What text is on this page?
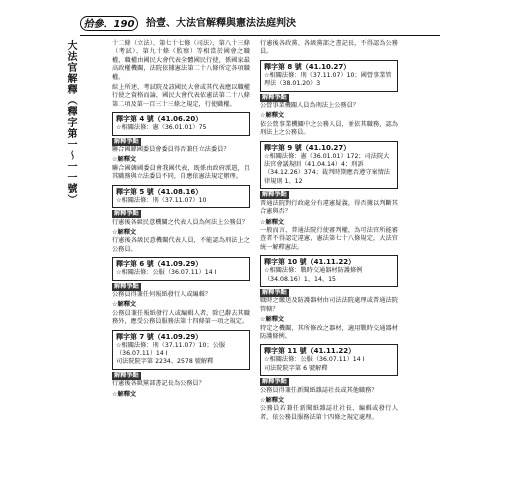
拾參．190	拾壹、大法官解釋與憲法法庭判決
大法官解釋（釋字第一～一一號）	十二條（立法）、第七十七條（司法）、第八十三條（考試）、第九十條（監察）等相當於國會之職權，職權由國民大會代表全體國民行使，係國家最高政權機關，法院依據憲法第二十八條所定各項職權。

綜上所述，考試院及該國民大會或其代表應以職權行使之資格而論，國民大會代表依憲法第二十八條第二項及第一百三十三條之規定，行使職權。

釋字第 4 號（41.06.20）
☆相關法條：憲（36.01.01）75
解釋爭點

聯合國韓國委員會委員得否兼任立法委員？

☆解釋文

聯合國韓國委員會我國代表，既係由政府派遣，且其職務與立法委員不同，自應依憲法規定辦理。

釋字第 5 號（41.08.16）
☆相關法條：刑（37.11.07）10
解釋爭點

行憲後各級民意機關之代表人員為何法上公務員？

☆解釋文

行憲後各級民意機關代表人員，不能認為刑法上之公務員。

釋字第 6 號（41.09.29）
☆相關法條：公服（36.07.11）14 I
解釋爭點

公務員得兼任何報紙發行人或編輯？

☆解釋文

公務員兼任報紙發行人或編輯人者，除已辭去其職務外，應受公務員服務法第十四條第一項之規定。

釋字第 7 號（41.09.29）
☆相關法條：刑（37.11.07）10；公服（36.07.11）14 I
司法院院字第 2234、2578 號解釋
解釋爭點

行憲後各級黨部書記長為公務員？

☆解釋文

行憲後各政黨、各級黨部之書記長，不得認為公務員。

釋字第 8 號（41.10.27）
☆相關法條：刑（37.11.07）10；國營事業管理法（38.01.20）3
解釋爭點

公營事業機關人員為刑法上公務員？

☆解釋文

依公營事業機關中之公務人員，並依其職務，認為刑法上之公務員。

釋字第 9 號（41.10.27）
☆相關法條：憲（36.01.01）172；司法院大法官會議規則（41.04.14）4；刑訴（34.12.26）374；裁判時期應否遵守案情法律規則 1、12
解釋爭點

普通法院對行政處分有違憲疑義，得否據以判斷其合憲與否？

☆解釋文

一般而言，普通法院行使審判權，為可法官所能審查者不得認定違憲，憲法第七十八條規定，大法官統一解釋憲法。

釋字第 10 號（41.11.22）
☆相關法條：戰時交通器材防護條例（34.08.16）1、14、15
解釋爭點

戰時之繳送及防護器材由司法法院處理或普通法院管轄？

☆解釋文

特定之機關，其所修改之器材，適用戰時交通器材防護條例。

釋字第 11 號（41.11.22）
☆相關法條：公服（36.07.11）14 I
司法院院字第 6 號解釋
解釋爭點

公務員得兼任新聞紙雜誌社長或其他職務？

☆解釋文

公務員若兼任新聞紙雜誌社社長、編輯或發行人者，依公務員服務法第十四條之規定處理。
